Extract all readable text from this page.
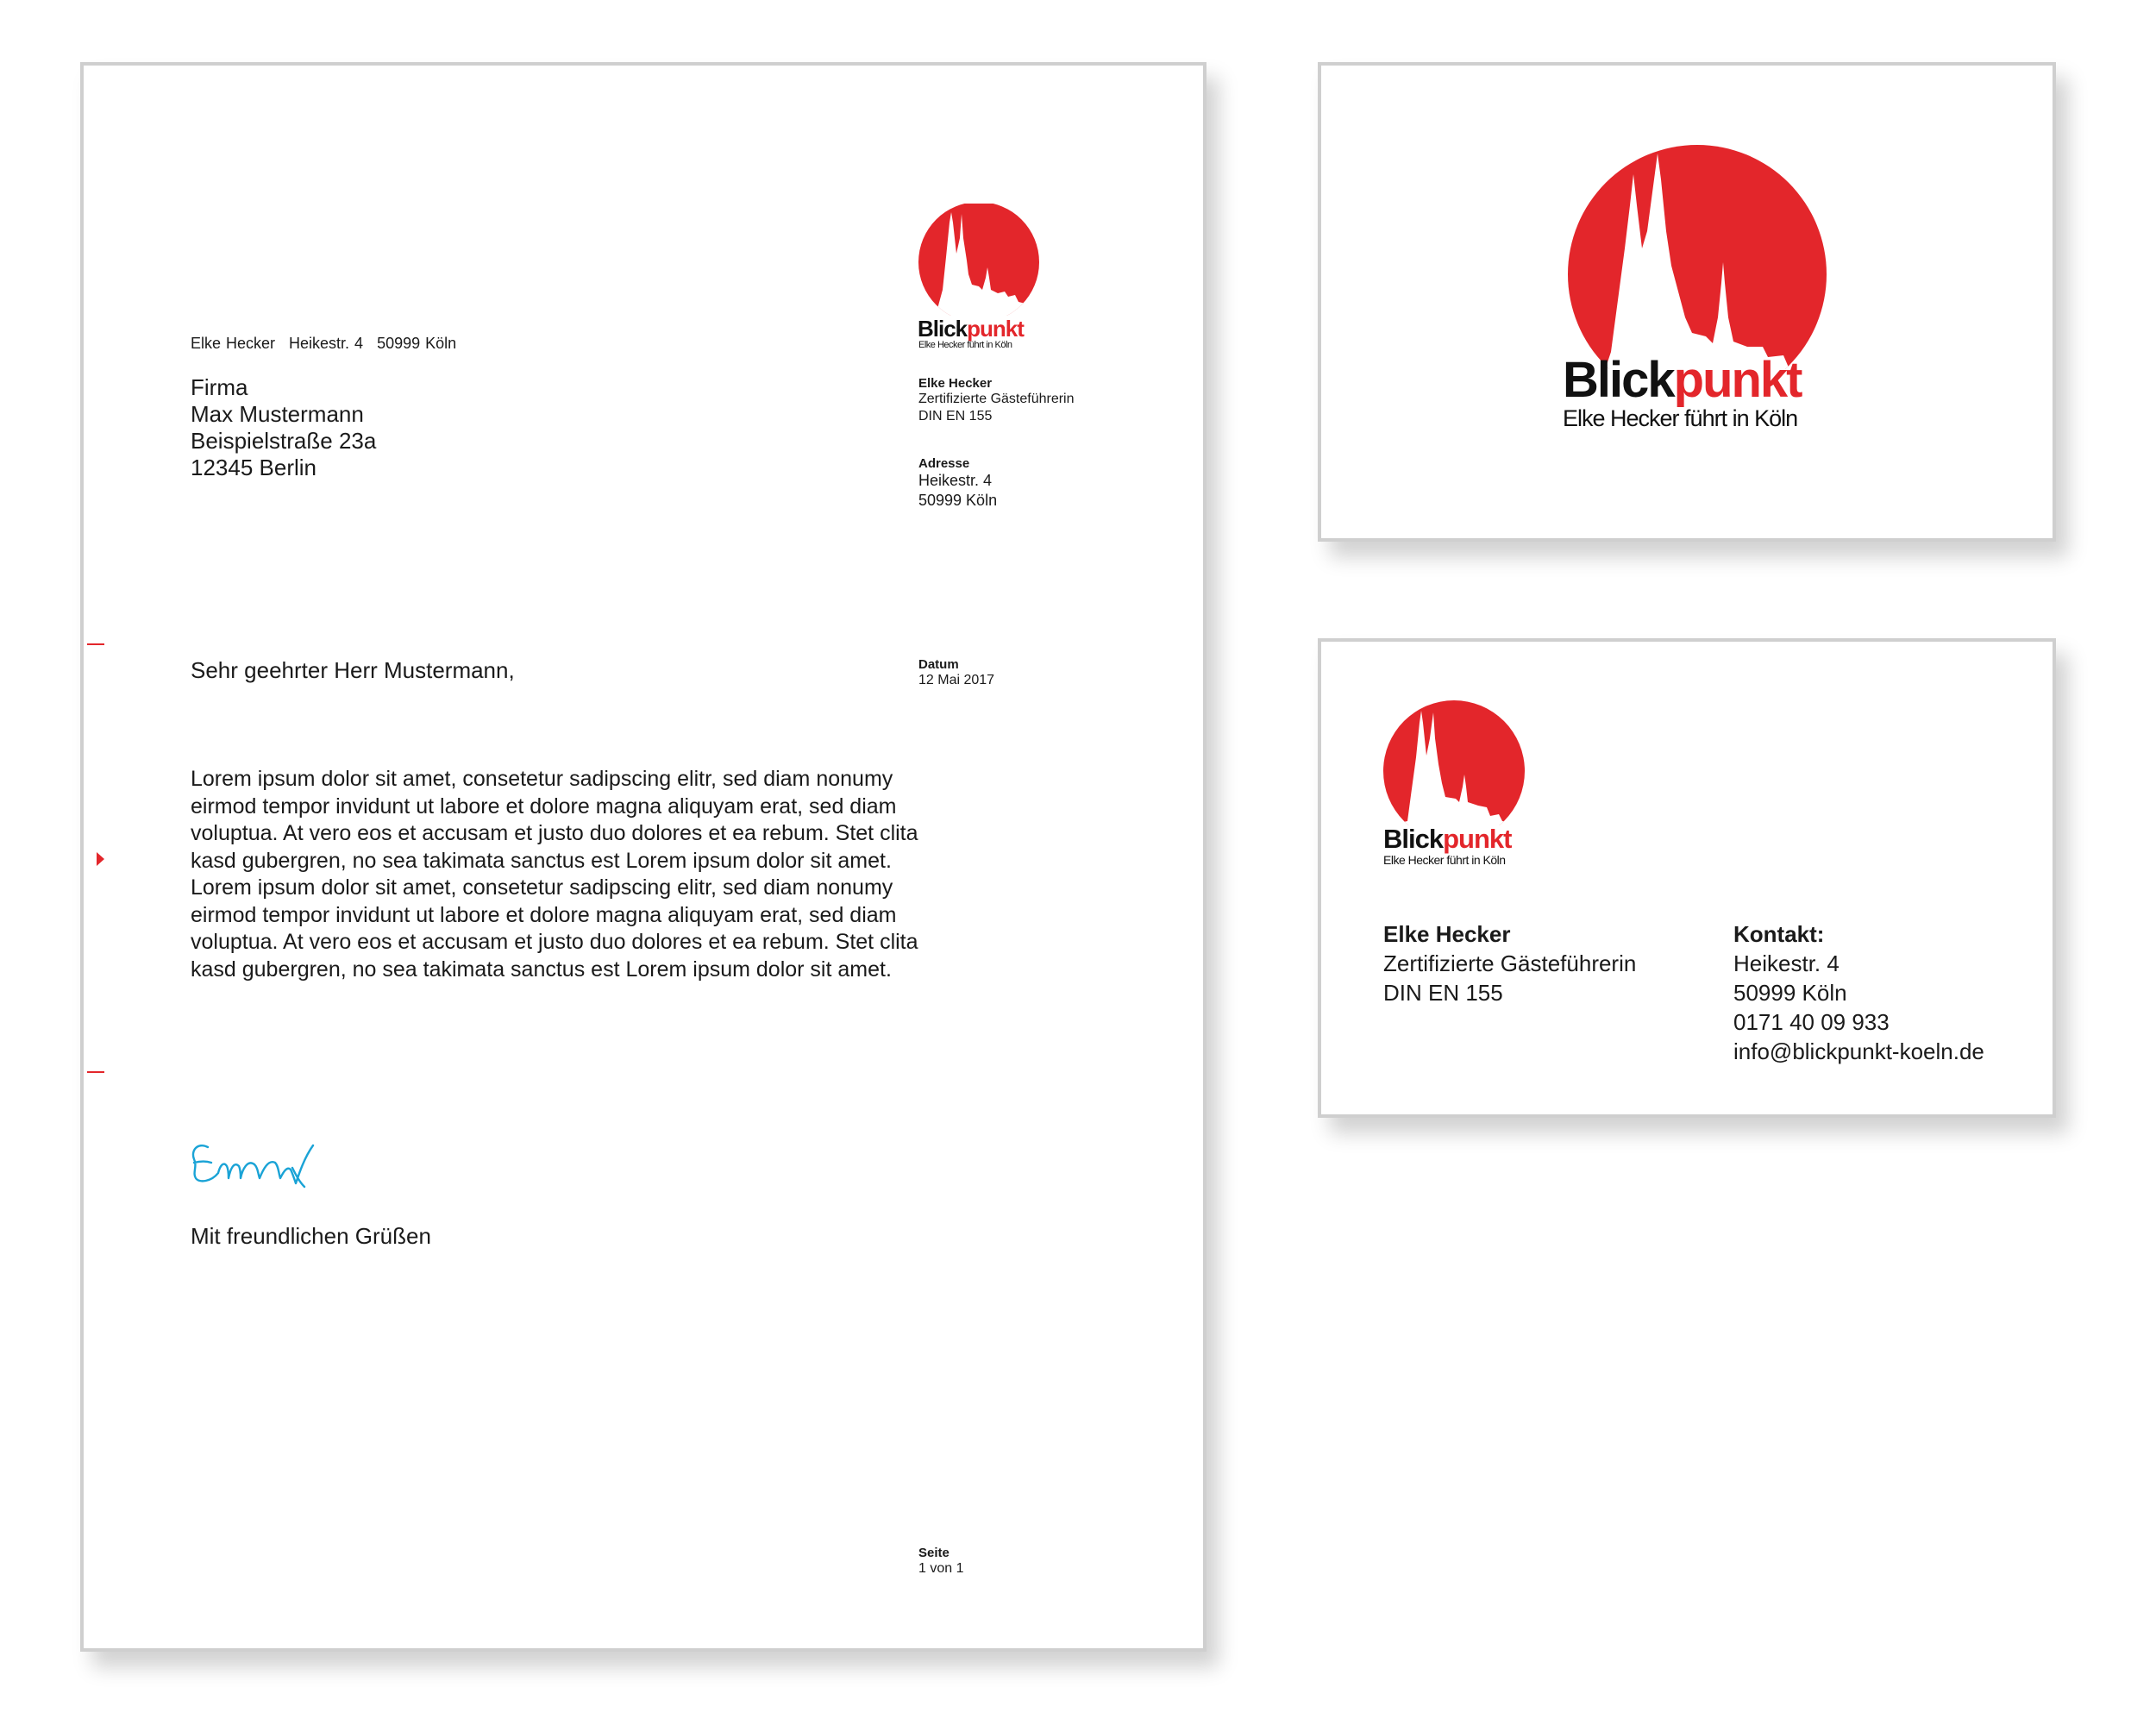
Blickpunkt
Elke Hecker führt in Köln
Elke Hecker Heikestr. 4 50999 Köln
Firma
Max Mustermann
Beispielstraße 23a
12345 Berlin
Elke Hecker
Zertifizierte Gästeführerin
DIN EN 155
Adresse
Heikestr. 4
50999 Köln
Datum
12 Mai 2017
Sehr geehrter Herr Mustermann,
Lorem ipsum dolor sit amet, consetetur sadipscing elitr, sed diam nonumy eirmod tempor invidunt ut labore et dolore magna aliquyam erat, sed diam voluptua. At vero eos et accusam et justo duo dolores et ea rebum. Stet clita kasd gubergren, no sea takimata sanctus est Lorem ipsum dolor sit amet. Lorem ipsum dolor sit amet, consetetur sadipscing elitr, sed diam nonumy eirmod tempor invidunt ut labore et dolore magna aliquyam erat, sed diam voluptua. At vero eos et accusam et justo duo dolores et ea rebum. Stet clita kasd gubergren, no sea takimata sanctus est Lorem ipsum dolor sit amet.
Mit freundlichen Grüßen
Seite
1 von 1
Blickpunkt
Elke Hecker führt in Köln
Blickpunkt
Elke Hecker führt in Köln
Elke Hecker
Zertifizierte Gästeführerin
DIN EN 155
Kontakt:
Heikestr. 4
50999 Köln
0171 40 09 933
info@blickpunkt-koeln.de
